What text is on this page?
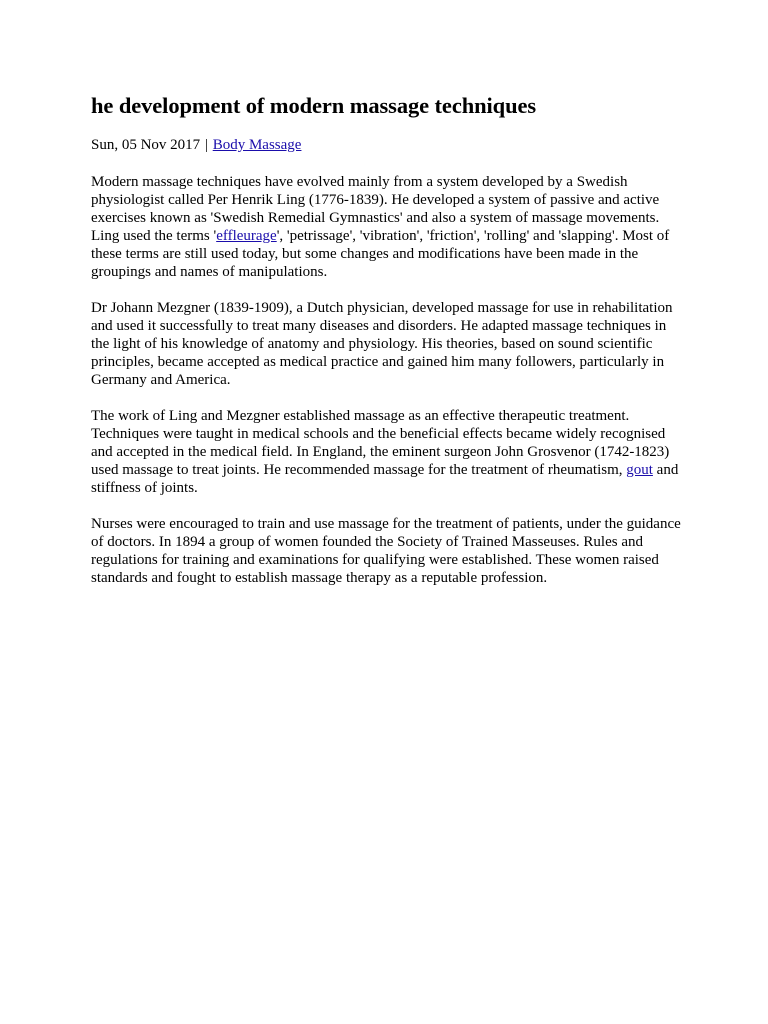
he development of modern massage techniques
Sun, 05 Nov 2017 | Body Massage

Modern massage techniques have evolved mainly from a system developed by a Swedish physiologist called Per Henrik Ling (1776-1839). He developed a system of passive and active exercises known as 'Swedish Remedial Gymnastics' and also a system of massage movements. Ling used the terms 'effleurage', 'petrissage', 'vibration', 'friction', 'rolling' and 'slapping'. Most of these terms are still used today, but some changes and modifications have been made in the groupings and names of manipulations.

Dr Johann Mezgner (1839-1909), a Dutch physician, developed massage for use in rehabilitation and used it successfully to treat many diseases and disorders. He adapted massage techniques in the light of his knowledge of anatomy and physiology. His theories, based on sound scientific principles, became accepted as medical practice and gained him many followers, particularly in Germany and America.

The work of Ling and Mezgner established massage as an effective therapeutic treatment. Techniques were taught in medical schools and the beneficial effects became widely recognised and accepted in the medical field. In England, the eminent surgeon John Grosvenor (1742-1823) used massage to treat joints. He recommended massage for the treatment of rheumatism, gout and stiffness of joints.

Nurses were encouraged to train and use massage for the treatment of patients, under the guidance of doctors. In 1894 a group of women founded the Society of Trained Masseuses. Rules and regulations for training and examinations for qualifying were established. These women raised standards and fought to establish massage therapy as a reputable profession.
